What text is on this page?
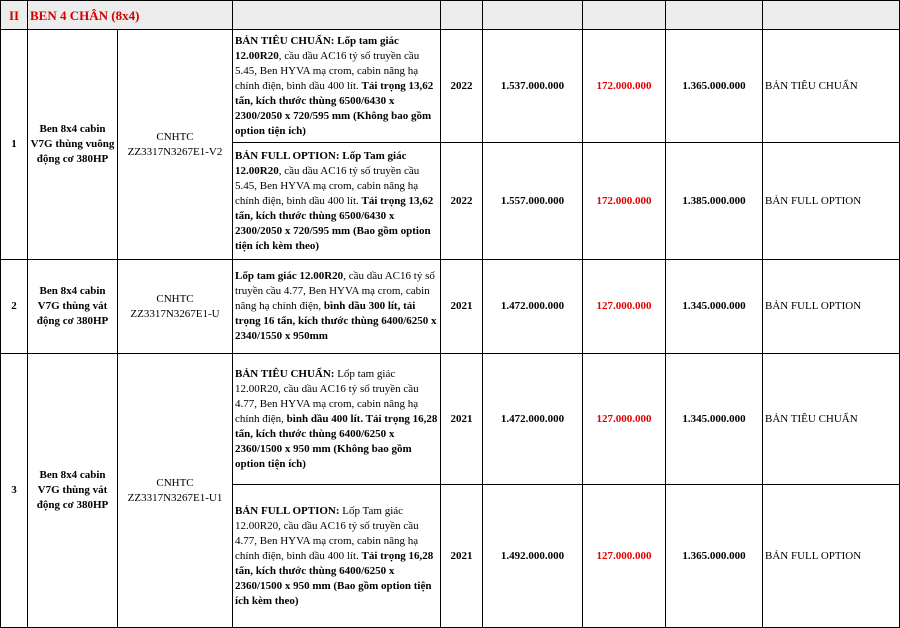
II	BEN 4 CHÂN (8x4)							
1	Ben 8x4 cabin V7G thùng vuông động cơ 380HP	CNHTC ZZ3317N3267E1-V2	BẢN TIÊU CHUẨN: Lốp tam giác 12.00R20, cầu dầu AC16 tỷ số truyền cầu 5.45, Ben HYVA mạ crom, cabin nâng hạ chính điện, bình dầu 400 lít. Tải trọng 13,62 tấn, kích thước thùng 6500/6430 x 2300/2050 x 720/595 mm (Không bao gồm option tiện ích)	2022	1.537.000.000	172.000.000	1.365.000.000	BẢN TIÊU CHUẨN
			BẢN FULL OPTION: Lốp Tam giác 12.00R20, cầu dầu AC16 tỷ số truyền cầu 5.45, Ben HYVA mạ crom, cabin nâng hạ chính điện, bình dầu 400 lít. Tải trọng 13,62 tấn, kích thước thùng 6500/6430 x 2300/2050 x 720/595 mm (Bao gồm option tiện ích kèm theo)	2022	1.557.000.000	172.000.000	1.385.000.000	BẢN FULL OPTION
2	Ben 8x4 cabin V7G thùng vát động cơ 380HP	CNHTC ZZ3317N3267E1-U	Lốp tam giác 12.00R20, cầu dầu AC16 tỷ số truyền cầu 4.77, Ben HYVA mạ crom, cabin nâng hạ chính điện, bình dầu 300 lít, tải trọng 16 tấn, kích thước thùng 6400/6250 x 2340/1550 x 950mm	2021	1.472.000.000	127.000.000	1.345.000.000	BẢN FULL OPTION
3	Ben 8x4 cabin V7G thùng vát động cơ 380HP	CNHTC ZZ3317N3267E1-U1	BẢN TIÊU CHUẨN: Lốp tam giác 12.00R20, cầu dầu AC16 tỷ số truyền cầu 4.77, Ben HYVA mạ crom, cabin nâng hạ chính điện, bình dầu 400 lít. Tải trọng 16,28 tấn, kích thước thùng 6400/6250 x 2360/1500 x 950 mm (Không bao gồm option tiện ích)	2021	1.472.000.000	127.000.000	1.345.000.000	BẢN TIÊU CHUẨN
			BẢN FULL OPTION: Lốp Tam giác 12.00R20, cầu dầu AC16 tỷ số truyền cầu 4.77, Ben HYVA mạ crom, cabin nâng hạ chính điện, bình dầu 400 lít. Tải trọng 16,28 tấn, kích thước thùng 6400/6250 x 2360/1500 x 950 mm (Bao gồm option tiện ích kèm theo)	2021	1.492.000.000	127.000.000	1.365.000.000	BẢN FULL OPTION
